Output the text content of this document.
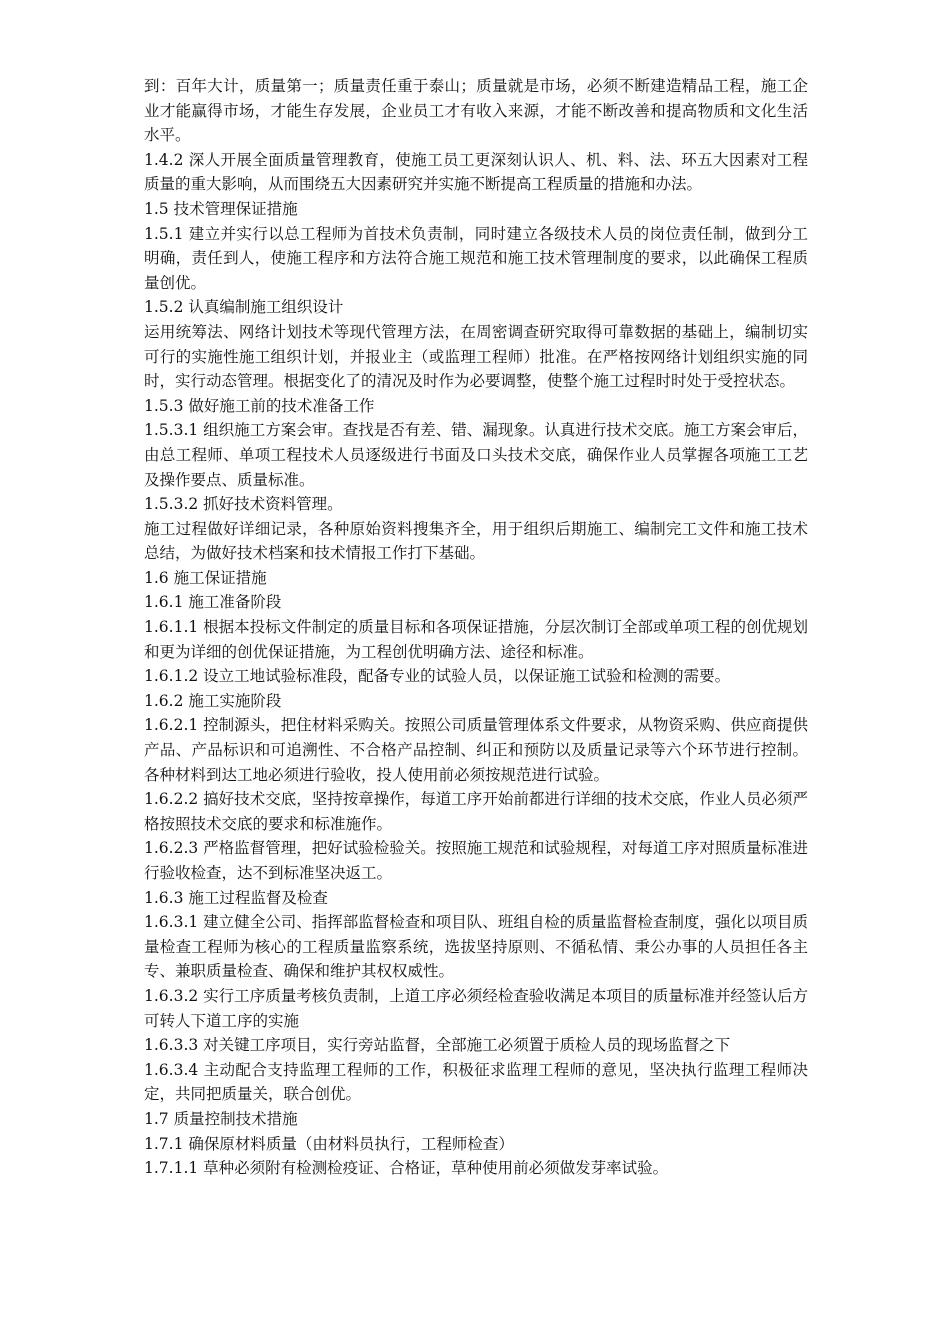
到：百年大计，质量第一；质量责任重于泰山；质量就是市场，必须不断建造精品工程，施工企业才能赢得市场，才能生存发展，企业员工才有收入来源，才能不断改善和提高物质和文化生活水平。

1.4.2 深人开展全面质量管理教育，使施工员工更深刻认识人、机、料、法、环五大因素对工程质量的重大影响，从而围绕五大因素研究并实施不断提高工程质量的措施和办法。

1.5 技术管理保证措施

1.5.1 建立并实行以总工程师为首技术负责制，同时建立各级技术人员的岗位责任制，做到分工明确，责任到人，使施工程序和方法符合施工规范和施工技术管理制度的要求，以此确保工程质量创优。

1.5.2 认真编制施工组织设计

运用统筹法、网络计划技术等现代管理方法，在周密调查研究取得可靠数据的基础上，编制切实可行的实施性施工组织计划，并报业主（或监理工程师）批准。在严格按网络计划组织实施的同时，实行动态管理。根据变化了的清况及时作为必要调整，使整个施工过程时时处于受控状态。

1.5.3 做好施工前的技术准备工作

1.5.3.1 组织施工方案会审。查找是否有差、错、漏现象。认真进行技术交底。施工方案会审后，由总工程师、单项工程技术人员逐级进行书面及口头技术交底，确保作业人员掌握各项施工工艺及操作要点、质量标准。

1.5.3.2 抓好技术资料管理。

施工过程做好详细记录，各种原始资料搜集齐全，用于组织后期施工、编制完工文件和施工技术总结，为做好技术档案和技术情报工作打下基础。

1.6 施工保证措施

1.6.1 施工准备阶段

1.6.1.1 根据本投标文件制定的质量目标和各项保证措施，分层次制订全部或单项工程的创优规划和更为详细的创优保证措施，为工程创优明确方法、途径和标准。

1.6.1.2 设立工地试验标准段，配备专业的试验人员，以保证施工试验和检测的需要。

1.6.2 施工实施阶段

1.6.2.1 控制源头，把住材料采购关。按照公司质量管理体系文件要求，从物资采购、供应商提供产品、产品标识和可追溯性、不合格产品控制、纠正和预防以及质量记录等六个环节进行控制。各种材料到达工地必须进行验收，投人使用前必须按规范进行试验。

1.6.2.2 搞好技术交底，坚持按章操作，每道工序开始前都进行详细的技术交底，作业人员必须严格按照技术交底的要求和标准施作。

1.6.2.3 严格监督管理，把好试验检验关。按照施工规范和试验规程，对每道工序对照质量标准进行验收检查，达不到标准坚决返工。

1.6.3 施工过程监督及检查

1.6.3.1 建立健全公司、指挥部监督检查和项目队、班组自检的质量监督检查制度，强化以项目质量检查工程师为核心的工程质量监察系统，选拔坚持原则、不循私情、秉公办事的人员担任各主专、兼职质量检查、确保和维护其权权威性。

1.6.3.2 实行工序质量考核负责制，上道工序必须经检查验收满足本项目的质量标准并经签认后方可转人下道工序的实施

1.6.3.3 对关键工序项目，实行旁站监督，全部施工必须置于质检人员的现场监督之下

1.6.3.4 主动配合支持监理工程师的工作，积极征求监理工程师的意见，坚决执行监理工程师决定，共同把质量关，联合创优。

1.7 质量控制技术措施

1.7.1 确保原材料质量（由材料员执行，工程师检查）

1.7.1.1 草种必须附有检测检疫证、合格证，草种使用前必须做发芽率试验。
